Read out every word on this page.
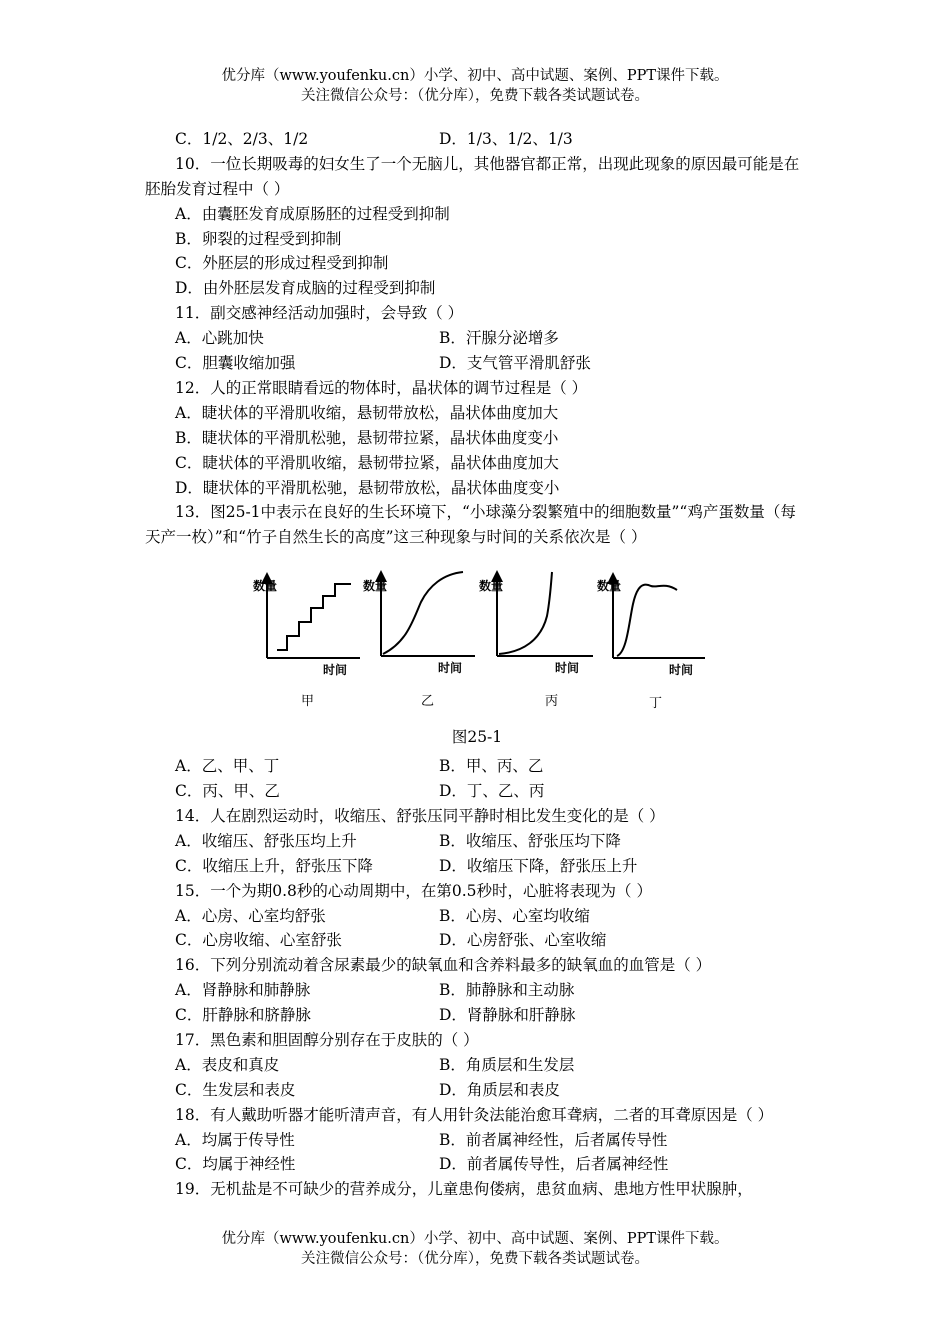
优分库（www.youfenku.cn）小学、初中、高中试题、案例、PPT课件下载。
关注微信公众号：（优分库），免费下载各类试题试卷。
C．1/2、2/3、1/2	D．1/3、1/2、1/3
10．一位长期吸毒的妇女生了一个无脑儿，其他器官都正常，出现此现象的原因最可能是在胚胎发育过程中（ ）
A．由囊胚发育成原肠胚的过程受到抑制
B．卵裂的过程受到抑制
C．外胚层的形成过程受到抑制
D．由外胚层发育成脑的过程受到抑制
11．副交感神经活动加强时，会导致（ ）
A．心跳加快	B．汗腺分泌增多
C．胆囊收缩加强	D．支气管平滑肌舒张
12．人的正常眼睛看远的物体时，晶状体的调节过程是（ ）
A．睫状体的平滑肌收缩，悬韧带放松，晶状体曲度加大
B．睫状体的平滑肌松驰，悬韧带拉紧，晶状体曲度变小
C．睫状体的平滑肌收缩，悬韧带拉紧，晶状体曲度加大
D．睫状体的平滑肌松驰，悬韧带放松，晶状体曲度变小
13．图25-1中表示在良好的生长环境下，“小球藻分裂繁殖中的细胞数量”“鸡产蛋数量（每天产一枚）”和“竹子自然生长的高度”这三种现象与时间的关系依次是（ ）
数量
时间
甲
数量
时间
乙
数量
时间
丙
数量
时间
丁
图25-1
A．乙、甲、丁	B．甲、丙、乙
C．丙、甲、乙	D．丁、乙、丙
14．人在剧烈运动时，收缩压、舒张压同平静时相比发生变化的是（ ）
A．收缩压、舒张压均上升	B．收缩压、舒张压均下降
C．收缩压上升，舒张压下降	D．收缩压下降，舒张压上升
15．一个为期0.8秒的心动周期中，在第0.5秒时，心脏将表现为（ ）
A．心房、心室均舒张	B．心房、心室均收缩
C．心房收缩、心室舒张	D．心房舒张、心室收缩
16．下列分别流动着含尿素最少的缺氧血和含养料最多的缺氧血的血管是（ ）
A．肾静脉和肺静脉	B．肺静脉和主动脉
C．肝静脉和脐静脉	D．肾静脉和肝静脉
17．黑色素和胆固醇分别存在于皮肤的（ ）
A．表皮和真皮	B．角质层和生发层
C．生发层和表皮	D．角质层和表皮
18．有人戴助听器才能听清声音，有人用针灸法能治愈耳聋病，二者的耳聋原因是（ ）
A．均属于传导性	B．前者属神经性，后者属传导性
C．均属于神经性	D．前者属传导性，后者属神经性
19．无机盐是不可缺少的营养成分，儿童患佝偻病，患贫血病、患地方性甲状腺肿，
优分库（www.youfenku.cn）小学、初中、高中试题、案例、PPT课件下载。
关注微信公众号：（优分库），免费下载各类试题试卷。
